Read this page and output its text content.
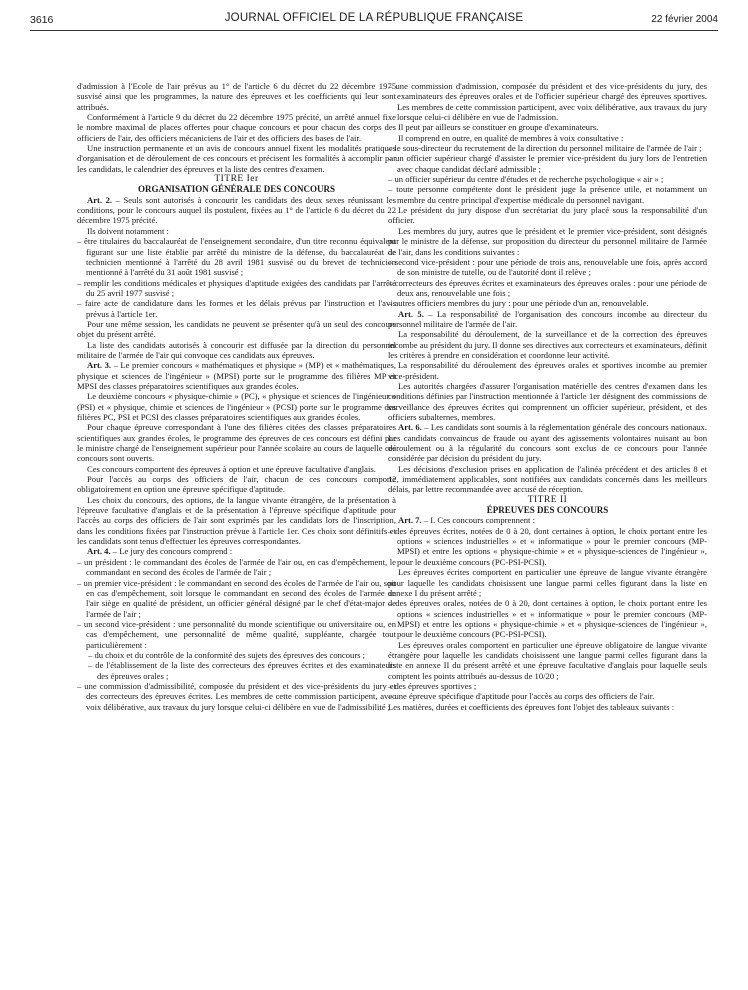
3616	JOURNAL OFFICIEL DE LA RÉPUBLIQUE FRANÇAISE	22 février 2004

d'admission à l'Ecole de l'air prévus au 1° de l'article 6 du décret du 22 décembre 1975 susvisé ainsi que les programmes, la nature des épreuves et les coefficients qui leur sont attribués.

Conformément à l'article 9 du décret du 22 décembre 1975 précité, un arrêté annuel fixe le nombre maximal de places offertes pour chaque concours et pour chacun des corps des officiers de l'air, des officiers mécaniciens de l'air et des officiers des bases de l'air.

Une instruction permanente et un avis de concours annuel fixent les modalités pratiques d'organisation et de déroulement de ces concours et précisent les formalités à accomplir par les candidats, le calendrier des épreuves et la liste des centres d'examen.

TITRE Ier

ORGANISATION GÉNÉRALE DES CONCOURS

Art. 2. – Seuls sont autorisés à concourir les candidats des deux sexes réunissant les conditions, pour le concours auquel ils postulent, fixées au 1° de l'article 6 du décret du 22 décembre 1975 précité.

Ils doivent notamment :

– être titulaires du baccalauréat de l'enseignement secondaire, d'un titre reconnu équivalent figurant sur une liste établie par arrêté du ministre de la défense, du baccalauréat de technicien mentionné à l'arrêté du 28 avril 1981 susvisé ou du brevet de technicien mentionné à l'arrêté du 31 août 1981 susvisé ;

– remplir les conditions médicales et physiques d'aptitude exigées des candidats par l'arrêté du 25 avril 1977 susvisé ;

– faire acte de candidature dans les formes et les délais prévus par l'instruction et l'avis prévus à l'article 1er.

Pour une même session, les candidats ne peuvent se présenter qu'à un seul des concours objet du présent arrêté.

La liste des candidats autorisés à concourir est diffusée par la direction du personnel militaire de l'armée de l'air qui convoque ces candidats aux épreuves.

Art. 3. – Le premier concours « mathématiques et physique » (MP) et « mathématiques, physique et sciences de l'ingénieur » (MPSI) porte sur le programme des filières MP et MPSI des classes préparatoires scientifiques aux grandes écoles.

Le deuxième concours « physique-chimie » (PC), « physique et sciences de l'ingénieur » (PSI) et « physique, chimie et sciences de l'ingénieur » (PCSI) porte sur le programme des filières PC, PSI et PCSI des classes préparatoires scientifiques aux grandes écoles.

Pour chaque épreuve correspondant à l'une des filières citées des classes préparatoires scientifiques aux grandes écoles, le programme des épreuves de ces concours est défini par le ministre chargé de l'enseignement supérieur pour l'année scolaire au cours de laquelle ces concours sont ouverts.

Ces concours comportent des épreuves à option et une épreuve facultative d'anglais.

Pour l'accès au corps des officiers de l'air, chacun de ces concours comporte obligatoirement en option une épreuve spécifique d'aptitude.

Les choix du concours, des options, de la langue vivante étrangère, de la présentation à l'épreuve facultative d'anglais et de la présentation à l'épreuve spécifique d'aptitude pour l'accès au corps des officiers de l'air sont exprimés par les candidats lors de l'inscription, dans les conditions fixées par l'instruction prévue à l'article 1er. Ces choix sont définitifs et les candidats sont tenus d'effectuer les épreuves correspondantes.

Art. 4. – Le jury des concours comprend :

– un président : le commandant des écoles de l'armée de l'air ou, en cas d'empêchement, le commandant en second des écoles de l'armée de l'air ;

– un premier vice-président : le commandant en second des écoles de l'armée de l'air ou, soit en cas d'empêchement, soit lorsque le commandant en second des écoles de l'armée de l'air siège en qualité de président, un officier général désigné par le chef d'état-major de l'armée de l'air ;

– un second vice-président : une personnalité du monde scientifique ou universitaire ou, en cas d'empêchement, une personnalité de même qualité, suppléante, chargée tout particulièrement :

– du choix et du contrôle de la conformité des sujets des épreuves des concours ;

– de l'établissement de la liste des correcteurs des épreuves écrites et des examinateurs des épreuves orales ;

– une commission d'admissibilité, composée du président et des vice-présidents du jury et des correcteurs des épreuves écrites. Les membres de cette commission participent, avec voix délibérative, aux travaux du jury lorsque celui-ci délibère en vue de l'admissibilité ;

– une commission d'admission, composée du président et des vice-présidents du jury, des examinateurs des épreuves orales et de l'officier supérieur chargé des épreuves sportives. Les membres de cette commission participent, avec voix délibérative, aux travaux du jury lorsque celui-ci délibère en vue de l'admission.

Il peut par ailleurs se constituer en groupe d'examinateurs.

Il comprend en outre, en qualité de membres à voix consultative :

– le sous-directeur du recrutement de la direction du personnel militaire de l'armée de l'air ;

– un officier supérieur chargé d'assister le premier vice-président du jury lors de l'entretien avec chaque candidat déclaré admissible ;

– un officier supérieur du centre d'études et de recherche psychologique « air » ;

– toute personne compétente dont le président juge la présence utile, et notamment un membre du centre principal d'expertise médicale du personnel navigant.

Le président du jury dispose d'un secrétariat du jury placé sous la responsabilité d'un officier.

Les membres du jury, autres que le président et le premier vice-président, sont désignés par le ministre de la défense, sur proposition du directeur du personnel militaire de l'armée de l'air, dans les conditions suivantes :

– second vice-président : pour une période de trois ans, renouvelable une fois, après accord de son ministre de tutelle, ou de l'autorité dont il relève ;

– correcteurs des épreuves écrites et examinateurs des épreuves orales : pour une période de deux ans, renouvelable une fois ;

– autres officiers membres du jury : pour une période d'un an, renouvelable.

Art. 5. – La responsabilité de l'organisation des concours incombe au directeur du personnel militaire de l'armée de l'air.

La responsabilité du déroulement, de la surveillance et de la correction des épreuves incombe au président du jury. Il donne ses directives aux correcteurs et examinateurs, définit les critères à prendre en considération et coordonne leur activité.

La responsabilité du déroulement des épreuves orales et sportives incombe au premier vice-président.

Les autorités chargées d'assurer l'organisation matérielle des centres d'examen dans les conditions définies par l'instruction mentionnée à l'article 1er désignent des commissions de surveillance des épreuves écrites qui comprennent un officier supérieur, président, et des officiers subalternes, membres.

Art. 6. – Les candidats sont soumis à la réglementation générale des concours nationaux. Les candidats convaincus de fraude ou ayant des agissements volontaires nuisant au bon déroulement ou à la régularité du concours sont exclus de ce concours pour l'année considérée par décision du président du jury.

Les décisions d'exclusion prises en application de l'alinéa précédent et des articles 8 et 12, immédiatement applicables, sont notifiées aux candidats concernés dans les meilleurs délais, par lettre recommandée avec accusé de réception.

TITRE II

ÉPREUVES DES CONCOURS

Art. 7. – I. Ces concours comprennent :

– des épreuves écrites, notées de 0 à 20, dont certaines à option, le choix portant entre les options « sciences industrielles » et « informatique » pour le premier concours (MP-MPSI) et entre les options « physique-chimie » et « physique-sciences de l'ingénieur », pour le deuxième concours (PC-PSI-PCSI).

Les épreuves écrites comportent en particulier une épreuve de langue vivante étrangère pour laquelle les candidats choisissent une langue parmi celles figurant dans la liste en annexe I du présent arrêté ;

– des épreuves orales, notées de 0 à 20, dont certaines à option, le choix portant entre les options « sciences industrielles » et « informatique » pour le premier concours (MP-MPSI) et entre les options « physique-chimie » et « physique-sciences de l'ingénieur », pour le deuxième concours (PC-PSI-PCSI).

Les épreuves orales comportent en particulier une épreuve obligatoire de langue vivante étrangère pour laquelle les candidats choisissent une langue parmi celles figurant dans la liste en annexe II du présent arrêté et une épreuve facultative d'anglais pour laquelle seuls comptent les points attribués au-dessus de 10/20 ;

– des épreuves sportives ;

– une épreuve spécifique d'aptitude pour l'accès au corps des officiers de l'air.

Les matières, durées et coefficients des épreuves font l'objet des tableaux suivants :
